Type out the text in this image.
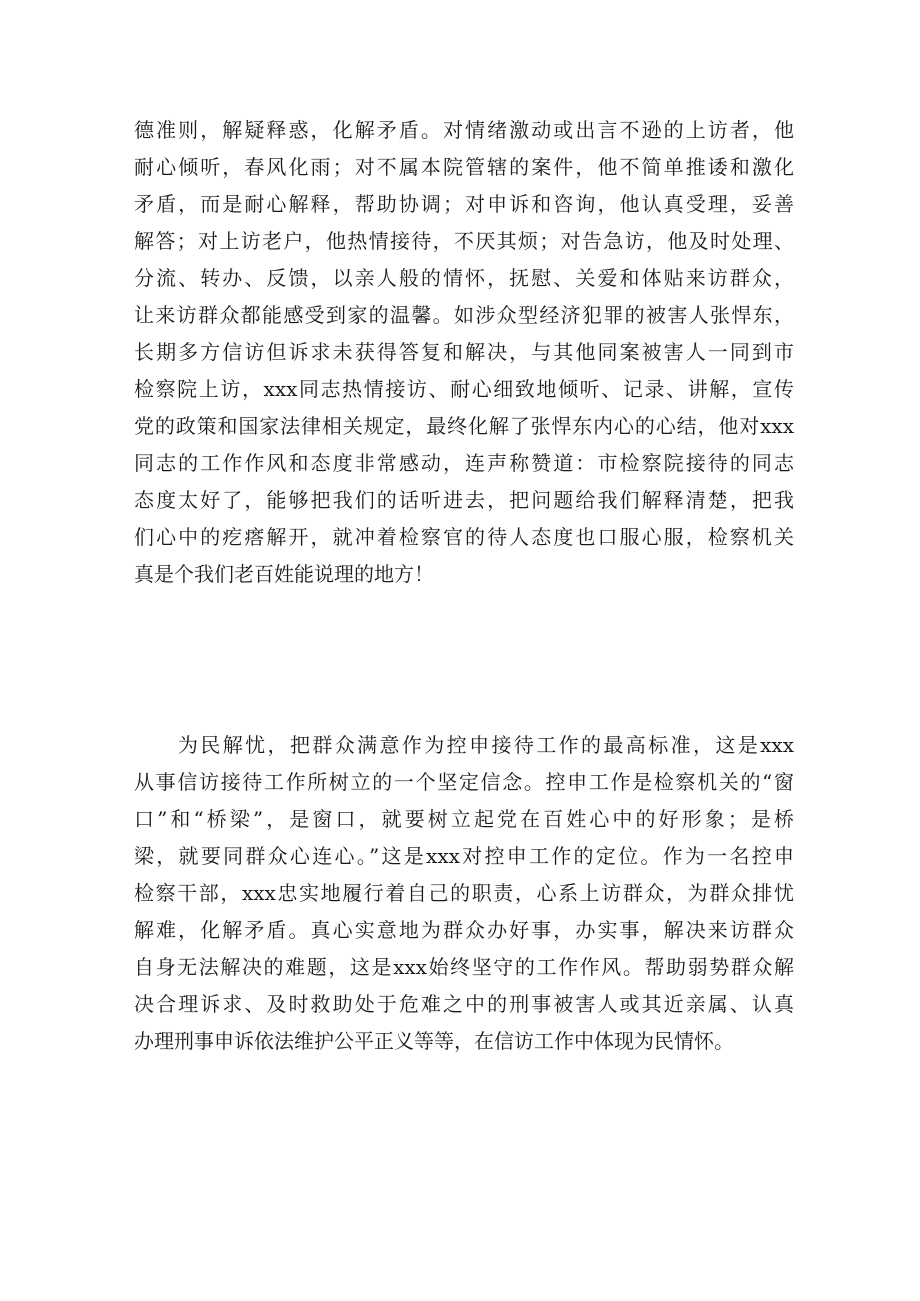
德准则，解疑释惑，化解矛盾。对情绪激动或出言不逊的上访者，他
耐心倾听，春风化雨；对不属本院管辖的案件，他不简单推诿和激化
矛盾，而是耐心解释，帮助协调；对申诉和咨询，他认真受理，妥善
解答；对上访老户，他热情接待，不厌其烦；对告急访，他及时处理、
分流、转办、反馈，以亲人般的情怀，抚慰、关爱和体贴来访群众，
让来访群众都能感受到家的温馨。如涉众型经济犯罪的被害人张悍东，
长期多方信访但诉求未获得答复和解决，与其他同案被害人一同到市
检察院上访，xxx同志热情接访、耐心细致地倾听、记录、讲解，宣传
党的政策和国家法律相关规定，最终化解了张悍东内心的心结，他对xxx
同志的工作作风和态度非常感动，连声称赞道：市检察院接待的同志
态度太好了，能够把我们的话听进去，把问题给我们解释清楚，把我
们心中的疙瘩解开，就冲着检察官的待人态度也口服心服，检察机关
真是个我们老百姓能说理的地方！
为民解忧，把群众满意作为控申接待工作的最高标准，这是xxx
从事信访接待工作所树立的一个坚定信念。控申工作是检察机关的“窗
口”和“桥梁”，是窗口，就要树立起党在百姓心中的好形象；是桥
梁，就要同群众心连心。”这是xxx对控申工作的定位。作为一名控申
检察干部，xxx忠实地履行着自己的职责，心系上访群众，为群众排忧
解难，化解矛盾。真心实意地为群众办好事，办实事，解决来访群众
自身无法解决的难题，这是xxx始终坚守的工作作风。帮助弱势群众解
决合理诉求、及时救助处于危难之中的刑事被害人或其近亲属、认真
办理刑事申诉依法维护公平正义等等，在信访工作中体现为民情怀。
